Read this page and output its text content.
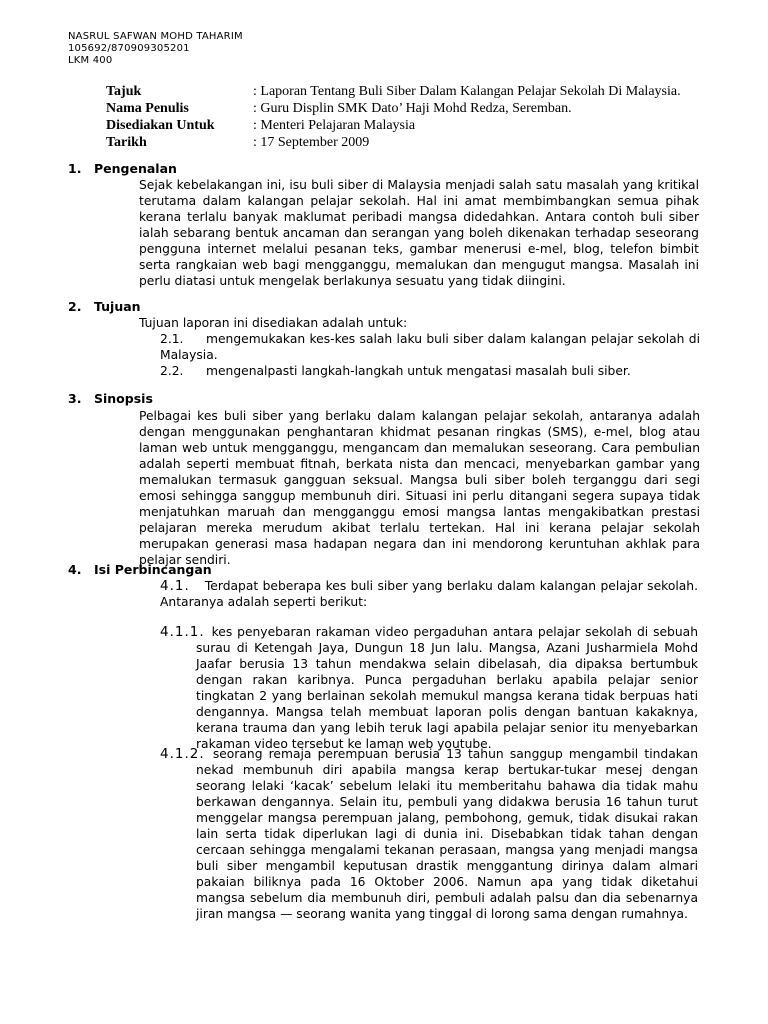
NASRUL SAFWAN MOHD TAHARIM
105692/870909305201
LKM 400
Tajuk	: Laporan Tentang Buli Siber Dalam Kalangan Pelajar Sekolah Di Malaysia.
Nama Penulis	: Guru Displin SMK Dato’ Haji Mohd Redza, Seremban.
Disediakan Untuk	: Menteri Pelajaran Malaysia
Tarikh	: 17 September 2009
1. Pengenalan

Sejak kebelakangan ini, isu buli siber di Malaysia menjadi salah satu masalah yang kritikal terutama dalam kalangan pelajar sekolah. Hal ini amat membimbangkan semua pihak kerana terlalu banyak maklumat peribadi mangsa didedahkan. Antara contoh buli siber ialah sebarang bentuk ancaman dan serangan yang boleh dikenakan terhadap seseorang pengguna internet melalui pesanan teks, gambar menerusi e-mel, blog, telefon bimbit serta rangkaian web bagi mengganggu, memalukan dan mengugut mangsa. Masalah ini perlu diatasi untuk mengelak berlakunya sesuatu yang tidak diingini.

2. Tujuan
Tujuan laporan ini disediakan adalah untuk:
2.1.	mengemukakan kes-kes salah laku buli siber dalam kalangan pelajar sekolah di
Malaysia.
2.2. mengenalpasti langkah-langkah untuk mengatasi masalah buli siber.
3. Sinopsis

Pelbagai kes buli siber yang berlaku dalam kalangan pelajar sekolah, antaranya adalah dengan menggunakan penghantaran khidmat pesanan ringkas (SMS), e-mel, blog atau laman web untuk mengganggu, mengancam dan memalukan seseorang. Cara pembulian adalah seperti membuat fitnah, berkata nista dan mencaci, menyebarkan gambar yang memalukan termasuk gangguan seksual. Mangsa buli siber boleh terganggu dari segi emosi sehingga sanggup membunuh diri. Situasi ini perlu ditangani segera supaya tidak menjatuhkan maruah dan mengganggu emosi mangsa lantas mengakibatkan prestasi pelajaran mereka merudum akibat terlalu tertekan. Hal ini kerana pelajar sekolah merupakan generasi masa hadapan negara dan ini mendorong keruntuhan akhlak para pelajar sendiri.

4. Isi Perbincangan
4.1. Terdapat beberapa kes buli siber yang berlaku dalam kalangan pelajar sekolah. Antaranya adalah seperti berikut:
4.1.1. kes penyebaran rakaman video pergaduhan antara pelajar sekolah di sebuah surau di Ketengah Jaya, Dungun 18 Jun lalu. Mangsa, Azani Jusharmiela Mohd Jaafar berusia 13 tahun mendakwa selain dibelasah, dia dipaksa bertumbuk dengan rakan karibnya. Punca pergaduhan berlaku apabila pelajar senior tingkatan 2 yang berlainan sekolah memukul mangsa kerana tidak berpuas hati dengannya. Mangsa telah membuat laporan polis dengan bantuan kakaknya, kerana trauma dan yang lebih teruk lagi apabila pelajar senior itu menyebarkan rakaman video tersebut ke laman web youtube.
4.1.2. seorang remaja perempuan berusia 13 tahun sanggup mengambil tindakan nekad membunuh diri apabila mangsa kerap bertukar-tukar mesej dengan seorang lelaki ‘kacak’ sebelum lelaki itu memberitahu bahawa dia tidak mahu berkawan dengannya. Selain itu, pembuli yang didakwa berusia 16 tahun turut menggelar mangsa perempuan jalang, pembohong, gemuk, tidak disukai rakan lain serta tidak diperlukan lagi di dunia ini. Disebabkan tidak tahan dengan cercaan sehingga mengalami tekanan perasaan, mangsa yang menjadi mangsa buli siber mengambil keputusan drastik menggantung dirinya dalam almari pakaian biliknya pada 16 Oktober 2006. Namun apa yang tidak diketahui mangsa sebelum dia membunuh diri, pembuli adalah palsu dan dia sebenarnya jiran mangsa — seorang wanita yang tinggal di lorong sama dengan rumahnya.
